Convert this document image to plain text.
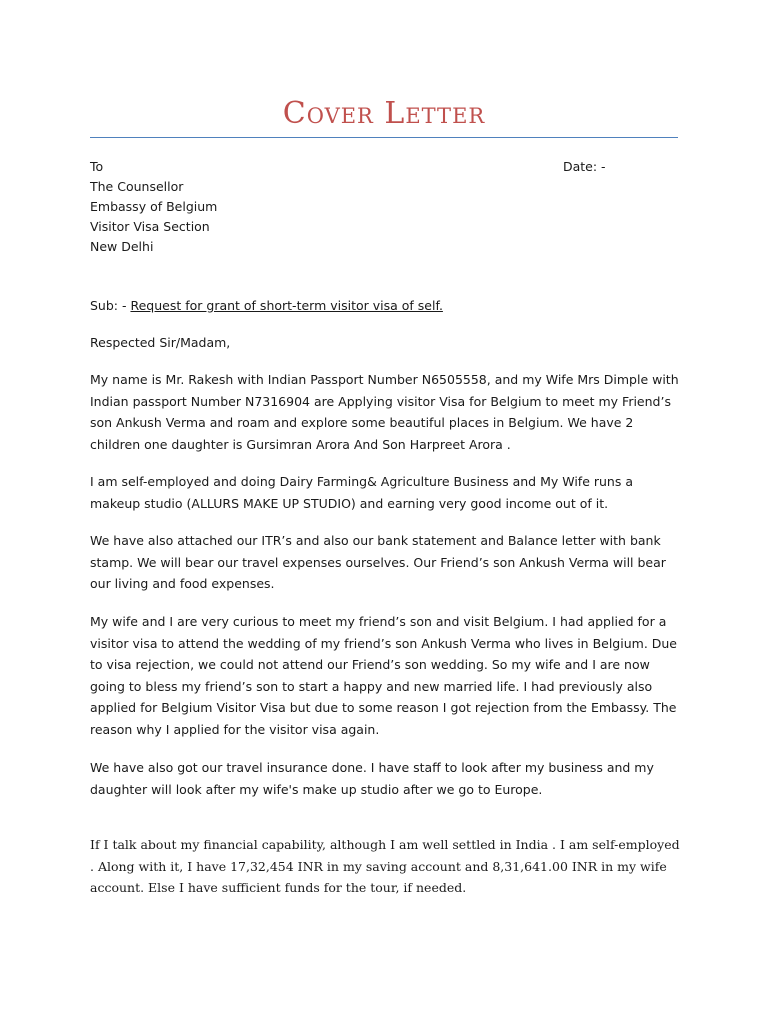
Cover Letter
To
The Counsellor
Embassy of Belgium
Visitor Visa Section
New Delhi
Date: -

Sub: - Request for grant of short-term visitor visa of self.

Respected Sir/Madam,

My name is Mr. Rakesh with Indian Passport Number N6505558, and my Wife Mrs Dimple with Indian passport Number N7316904 are Applying visitor Visa for Belgium to meet my Friend’s son Ankush Verma and roam and explore some beautiful places in Belgium. We have 2 children one daughter is Gursimran Arora And Son Harpreet Arora .

I am self-employed and doing Dairy Farming& Agriculture Business and My Wife runs a makeup studio (ALLURS MAKE UP STUDIO) and earning very good income out of it.

We have also attached our ITR’s and also our bank statement and Balance letter with bank stamp. We will bear our travel expenses ourselves. Our Friend’s son Ankush Verma will bear our living and food expenses.

My wife and I are very curious to meet my friend’s son and visit Belgium. I had applied for a visitor visa to attend the wedding of my friend’s son Ankush Verma who lives in Belgium. Due to visa rejection, we could not attend our Friend’s son wedding. So my wife and I are now going to bless my friend’s son to start a happy and new married life. I had previously also applied for Belgium Visitor Visa but due to some reason I got rejection from the Embassy. The reason why I applied for the visitor visa again.

We have also got our travel insurance done. I have staff to look after my business and my daughter will look after my wife's make up studio after we go to Europe.

If I talk about my financial capability, although I am well settled in India . I am self-employed . Along with it, I have 17,32,454 INR in my saving account and 8,31,641.00 INR in my wife account. Else I have sufficient funds for the tour, if needed.
